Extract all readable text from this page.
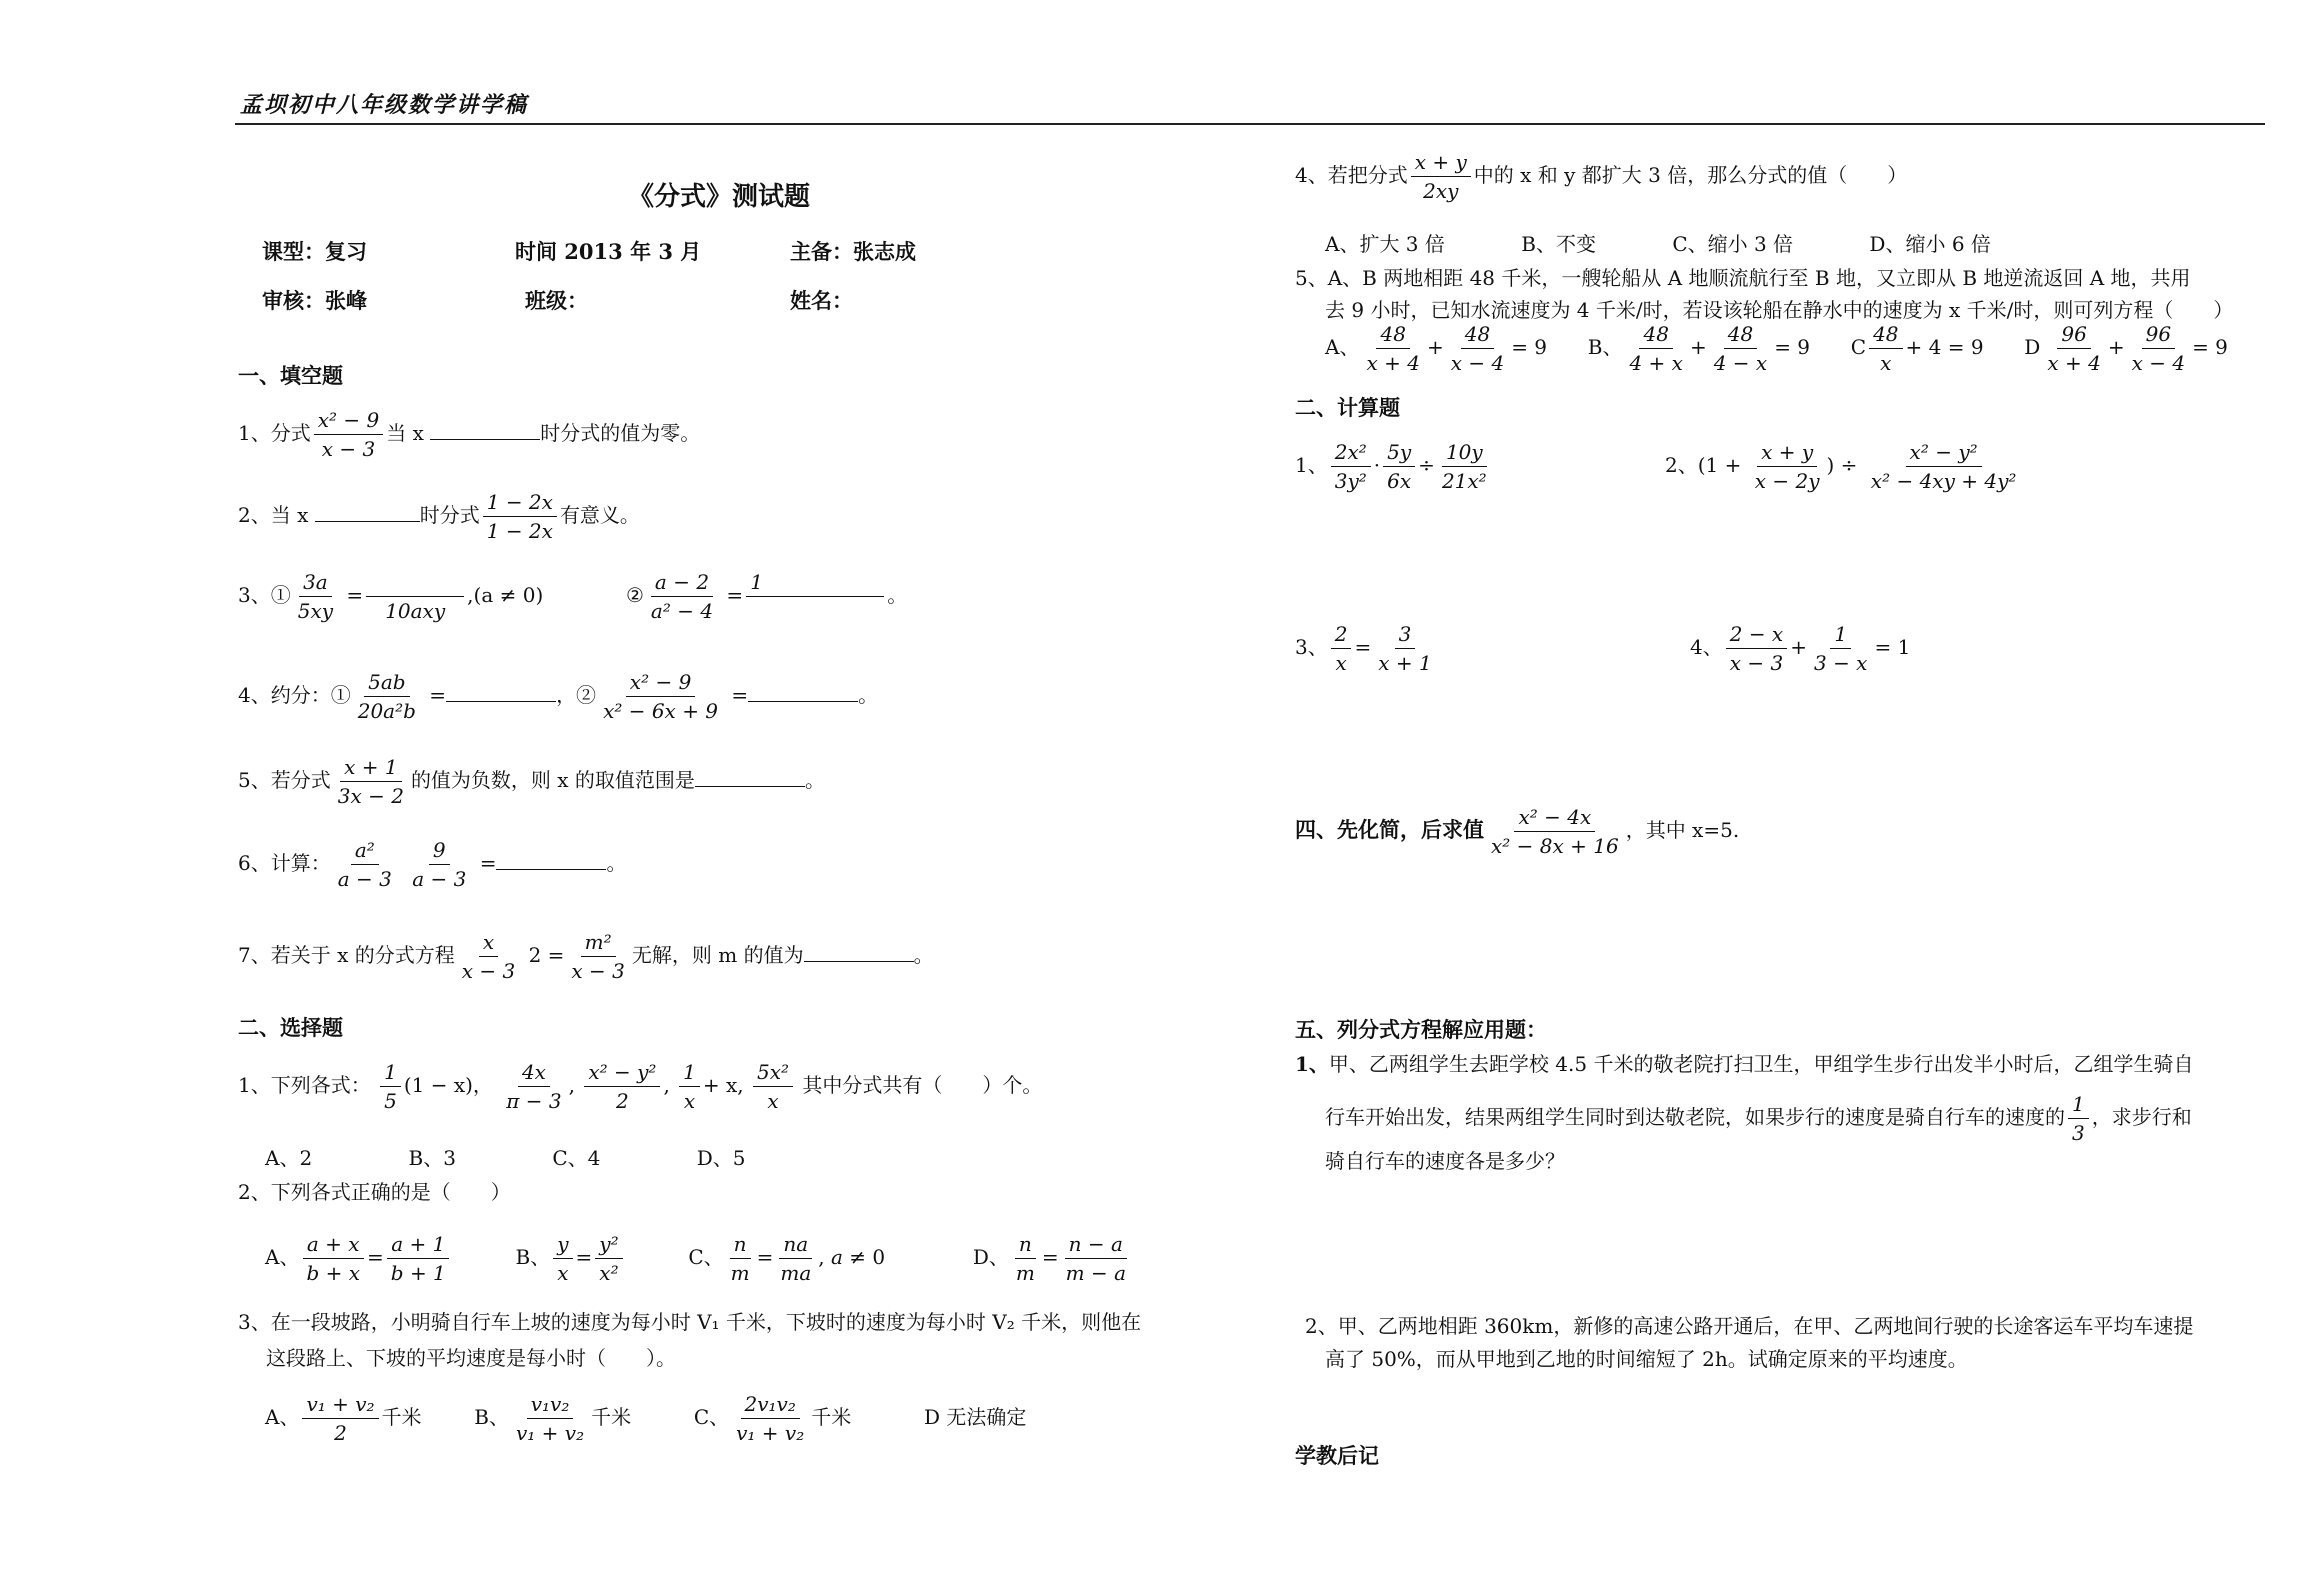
孟坝初中八年级数学讲学稿
《分式》测试题
课型：复习	时间 2013 年 3 月	主备：张志成
审核：张峰	班级：	姓名：
一、填空题
1、分式 $\frac{\text{x² − 9}}{x - 3}$ 当 x	时分式的值为零。
2、当 x	时分式 $\frac{1 - 2x}{1 - 2x}$ 有意义。
3、① $\frac{3a}{5xy}$ =

10axy
,(a ≠ 0)	② $\frac{a - 2}{\text{a² − 4}}$ =
1

。
4、约分：① $\frac{5ab}{\text{20a²b}}$ =	，② $\frac{\text{x² − 9}}{\text{x² − 6x + 9}}$ =	。
5、若分式 $\frac{x + 1}{3x - 2}$ 的值为负数，则 x 的取值范围是	。
6、计算： $\frac{\text{a²}}{a - 3}$
$\frac{9}{a - 3}$ =	。
7、若关于 x 的分式方程 $\frac{x}{x - 3} 2 = \frac{\text{m²}}{x - 3}$ 无解，则 m 的值为	。
二、选择题
1、下列各式： $\frac{1}{5} (1 - x)$， $\frac{4x}{\pi - 3}$ , $\frac{\text{x² − y²}}{2}$ , $\frac{1}{x} + x$, $\frac{\text{5x²}}{x}$ 其中分式共有（　　）个。
A、2	B、3	C、4	D、5
2、下列各式正确的是（　　）
A、 $\frac{a + x}{b + x} = \frac{a + 1}{b + 1}$	B、 $\frac{y}{x} = \frac{\text{y²}}{\text{x²}}$	C、 $\frac{n}{m} = \frac{na}{ma}$ , a ≠ 0	D、 $\frac{n}{m} = \frac{n - a}{m - a}$
3、在一段坡路，小明骑自行车上坡的速度为每小时 V₁ 千米，下坡时的速度为每小时 V₂ 千米，则他在
这段路上、下坡的平均速度是每小时（　　）。
A、 $\frac{\text{v₁ + v₂}}{2}$ 千米	B、 $\frac{\text{v₁v₂}}{\text{v₁ + v₂}}$ 千米	C、 $\frac{\text{2v₁v₂}}{\text{v₁ + v₂}}$ 千米	D 无法确定
4、若把分式 $\frac{x + y}{2xy}$ 中的 x 和 y 都扩大 3 倍，那么分式的值（　　）
A、扩大 3 倍	B、不变	C、缩小 3 倍	D、缩小 6 倍
5、A、B 两地相距 48 千米，一艘轮船从 A 地顺流航行至 B 地，又立即从 B 地逆流返回 A 地，共用
去 9 小时，已知水流速度为 4 千米/时，若设该轮船在静水中的速度为 x 千米/时，则可列方程（　　）
A、 $\frac{48}{x + 4} + \frac{48}{x - 4} = 9$ B、 $\frac{48}{4 + x} + \frac{48}{4 - x} = 9$ C $\frac{48}{x} + 4 = 9$ D $\frac{96}{x + 4} + \frac{96}{x - 4} = 9$
二、计算题
1、 $\frac{\text{2x²}}{\text{3y²}} \cdot \frac{5y}{6x} \div \frac{10y}{\text{21x²}}$	2、($1 + \frac{x + y}{x - 2y}$ ) ÷ $\frac{\text{x² − y²}}{\text{x² − 4xy + 4y²}}$
3、 $\frac{2}{x} = \frac{3}{x + 1}$	4、 $\frac{2 - x}{x - 3} + \frac{1}{3 - x} = 1$
四、先化简，后求值 $\frac{\text{x² − 4x}}{\text{x² − 8x + 16}}$ ，其中 x=5.
五、列分式方程解应用题：
1、甲、乙两组学生去距学校 4.5 千米的敬老院打扫卫生，甲组学生步行出发半小时后，乙组学生骑自
行车开始出发，结果两组学生同时到达敬老院，如果步行的速度是骑自行车的速度的 $\frac{1}{3}$ ，求步行和
骑自行车的速度各是多少？
2、甲、乙两地相距 360km，新修的高速公路开通后，在甲、乙两地间行驶的长途客运车平均车速提
高了 50%，而从甲地到乙地的时间缩短了 2h。试确定原来的平均速度。
学教后记
